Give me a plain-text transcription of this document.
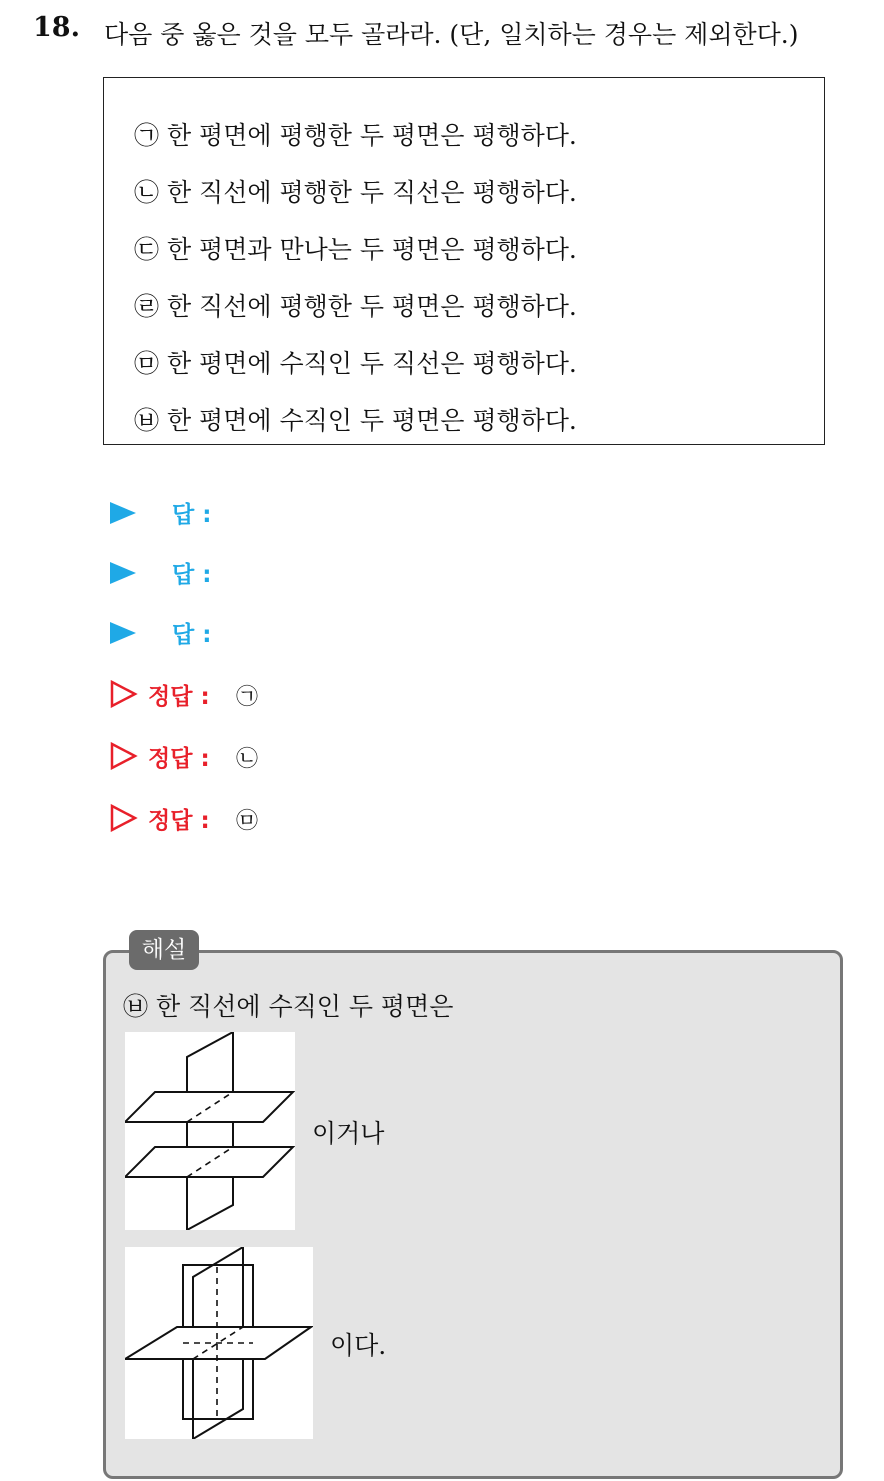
18. 다음 중 옳은 것을 모두 골라라. (단, 일치하는 경우는 제외한다.)
㉠ 한 평면에 평행한 두 평면은 평행하다.
㉡ 한 직선에 평행한 두 직선은 평행하다.
㉢ 한 평면과 만나는 두 평면은 평행하다.
㉣ 한 직선에 평행한 두 평면은 평행하다.
㉤ 한 평면에 수직인 두 직선은 평행하다.
㉥ 한 평면에 수직인 두 평면은 평행하다.
답 :
답 :
답 :
정답 : ㉠
정답 : ㉡
정답 : ㉤
해설
㉥ 한 직선에 수직인 두 평면은
이거나
이다.
